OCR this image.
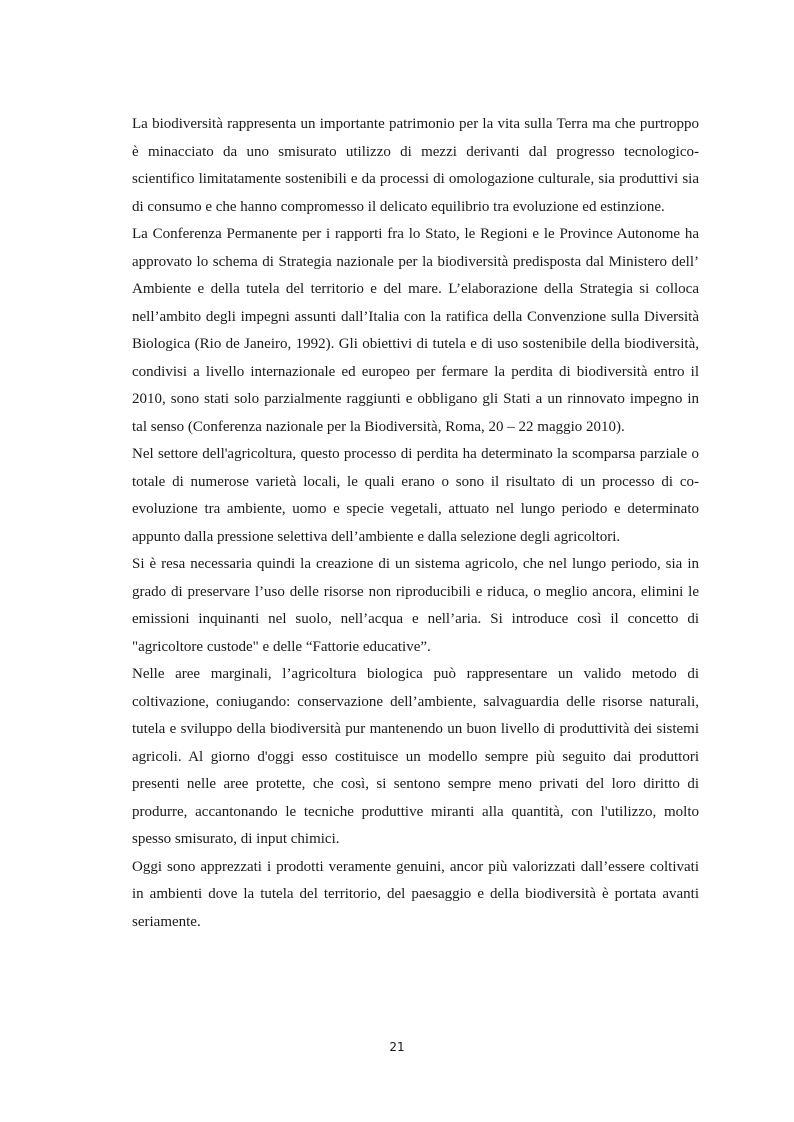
La biodiversità rappresenta un importante patrimonio per la vita sulla Terra ma che purtroppo è minacciato da uno smisurato utilizzo di mezzi derivanti dal progresso tecnologico-scientifico limitatamente sostenibili e da processi di omologazione culturale, sia produttivi sia di consumo e che hanno compromesso il delicato equilibrio tra evoluzione ed estinzione.

La Conferenza Permanente per i rapporti fra lo Stato, le Regioni e le Province Autonome ha approvato lo schema di Strategia nazionale per la biodiversità predisposta dal Ministero dell’ Ambiente e della tutela del territorio e del mare. L’elaborazione della Strategia si colloca nell’ambito degli impegni assunti dall’Italia con la ratifica della Convenzione sulla Diversità Biologica (Rio de Janeiro, 1992). Gli obiettivi di tutela e di uso sostenibile della biodiversità, condivisi a livello internazionale ed europeo per fermare la perdita di biodiversità entro il 2010, sono stati solo parzialmente raggiunti e obbligano gli Stati a un rinnovato impegno in tal senso (Conferenza nazionale per la Biodiversità, Roma, 20 – 22 maggio 2010).

Nel settore dell'agricoltura, questo processo di perdita ha determinato la scomparsa parziale o totale di numerose varietà locali, le quali erano o sono il risultato di un processo di co-evoluzione tra ambiente, uomo e specie vegetali, attuato nel lungo periodo e determinato appunto dalla pressione selettiva dell’ambiente e dalla selezione degli agricoltori.

Si è resa necessaria quindi la creazione di un sistema agricolo, che nel lungo periodo, sia in grado di preservare l’uso delle risorse non riproducibili e riduca, o meglio ancora, elimini le emissioni inquinanti nel suolo, nell’acqua e nell’aria. Si introduce così il concetto di "agricoltore custode" e delle “Fattorie educative”.

Nelle aree marginali, l’agricoltura biologica può rappresentare un valido metodo di coltivazione, coniugando: conservazione dell’ambiente, salvaguardia delle risorse naturali, tutela e sviluppo della biodiversità pur mantenendo un buon livello di produttività dei sistemi agricoli. Al giorno d'oggi esso costituisce un modello sempre più seguito dai produttori presenti nelle aree protette, che così, si sentono sempre meno privati del loro diritto di produrre, accantonando le tecniche produttive miranti alla quantità, con l'utilizzo, molto spesso smisurato, di input chimici.

Oggi sono apprezzati i prodotti veramente genuini, ancor più valorizzati dall’essere coltivati in ambienti dove la tutela del territorio, del paesaggio e della biodiversità è portata avanti seriamente.

21
